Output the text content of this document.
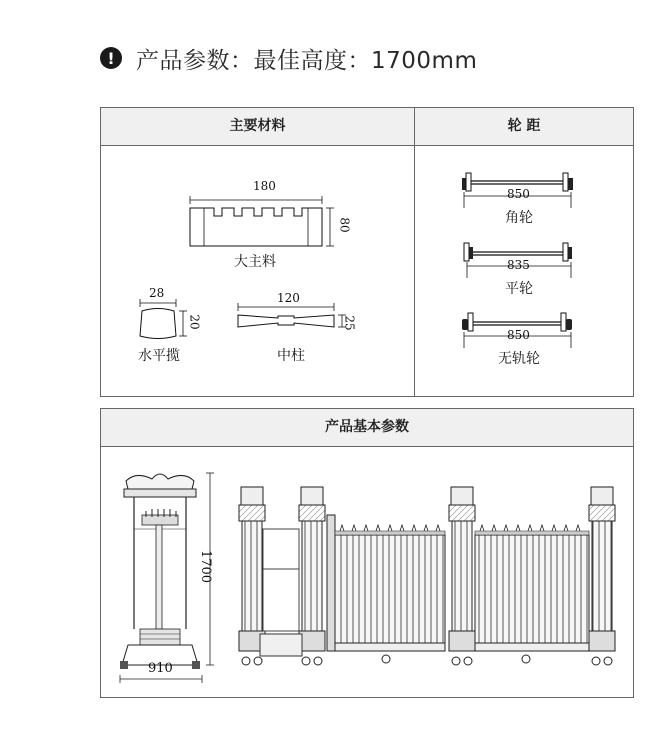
! 产品参数：最佳高度：1700mm
主要材料	轮 距
180
80
大主料
28
20
水平揽
120
25
中柱
850
角轮
835
平轮
850
无轨轮
产品基本参数
1700
910
